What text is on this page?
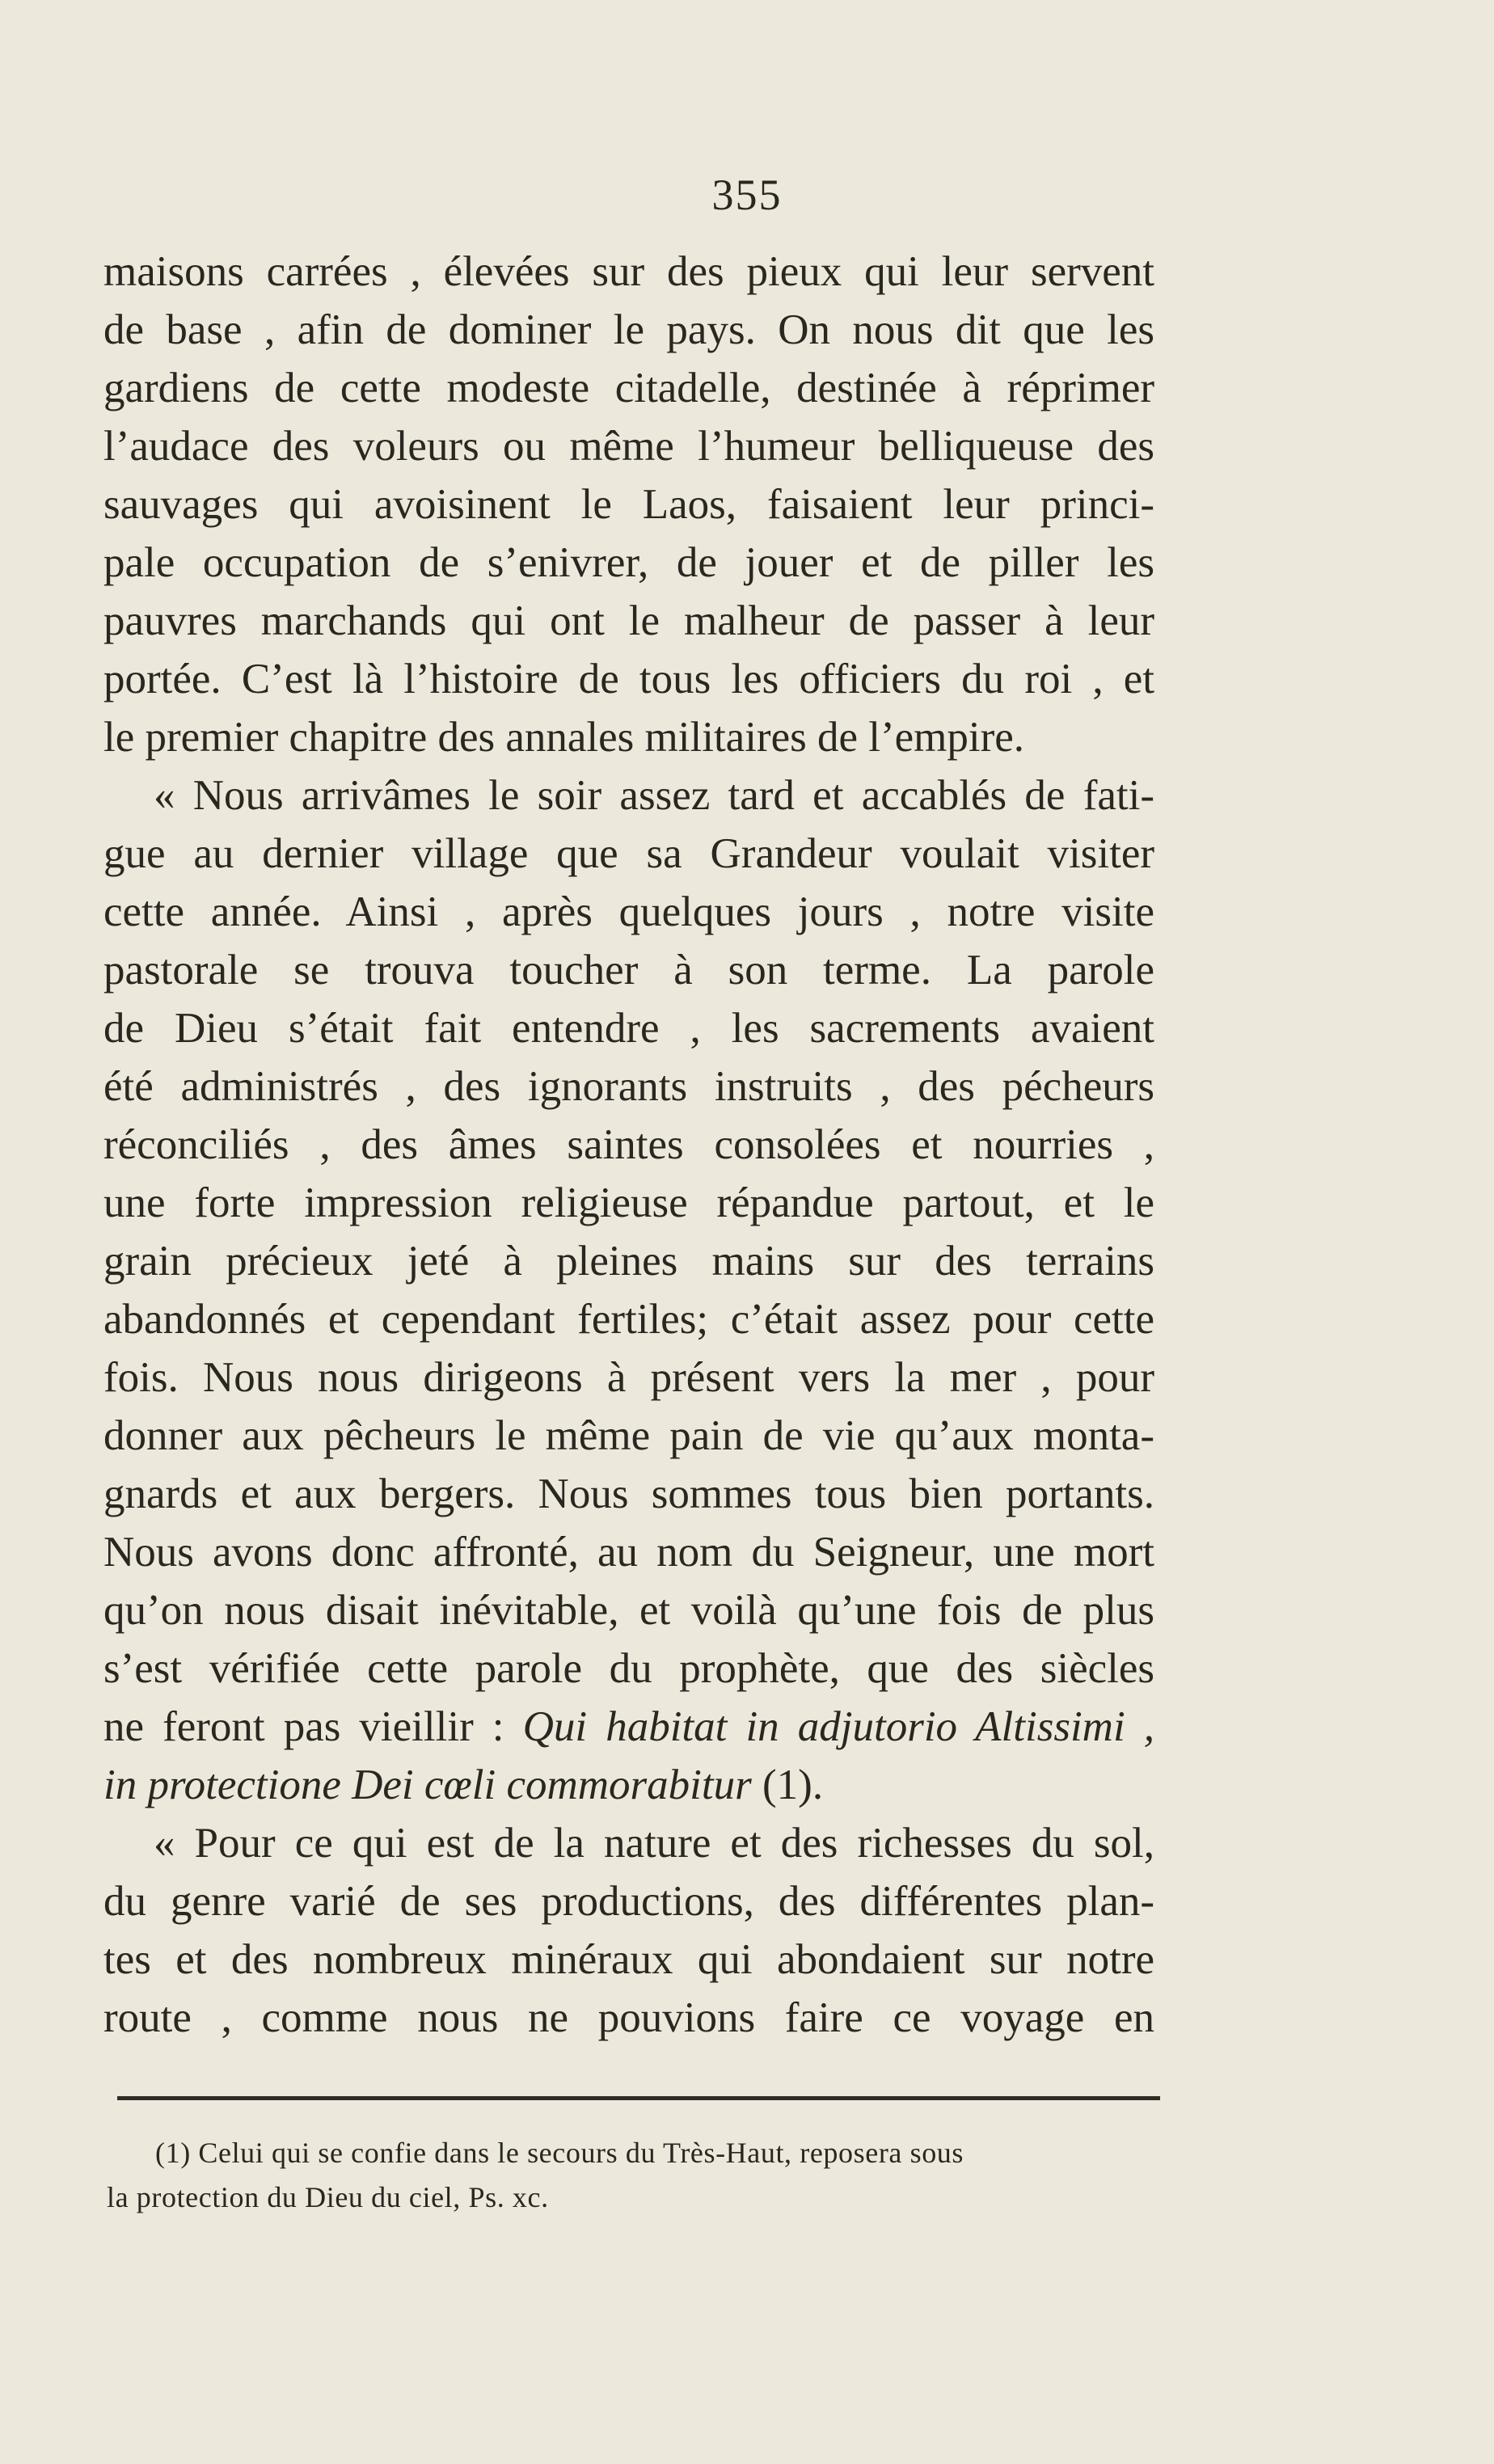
355
maisons carrées , élevées sur des pieux qui leur servent
de base , afin de dominer le pays. On nous dit que les
gardiens de cette modeste citadelle, destinée à réprimer
l’audace des voleurs ou même l’humeur belliqueuse des
sauvages qui avoisinent le Laos, faisaient leur princi-
pale occupation de s’enivrer, de jouer et de piller les
pauvres marchands qui ont le malheur de passer à leur
portée. C’est là l’histoire de tous les officiers du roi , et
le premier chapitre des annales militaires de l’empire.
« Nous arrivâmes le soir assez tard et accablés de fati-
gue au dernier village que sa Grandeur voulait visiter
cette année. Ainsi , après quelques jours , notre visite
pastorale se trouva toucher à son terme. La parole
de Dieu s’était fait entendre , les sacrements avaient
été administrés , des ignorants instruits , des pécheurs
réconciliés , des âmes saintes consolées et nourries ,
une forte impression religieuse répandue partout, et le
grain précieux jeté à pleines mains sur des terrains
abandonnés et cependant fertiles; c’était assez pour cette
fois. Nous nous dirigeons à présent vers la mer , pour
donner aux pêcheurs le même pain de vie qu’aux monta-
gnards et aux bergers. Nous sommes tous bien portants.
Nous avons donc affronté, au nom du Seigneur, une mort
qu’on nous disait inévitable, et voilà qu’une fois de plus
s’est vérifiée cette parole du prophète, que des siècles
ne feront pas vieillir : Qui habitat in adjutorio Altissimi ,
in protectione Dei cœli commorabitur (1).
« Pour ce qui est de la nature et des richesses du sol,
du genre varié de ses productions, des différentes plan-
tes et des nombreux minéraux qui abondaient sur notre
route , comme nous ne pouvions faire ce voyage en
(1) Celui qui se confie dans le secours du Très-Haut, reposera sous
la protection du Dieu du ciel, Ps. xc.
